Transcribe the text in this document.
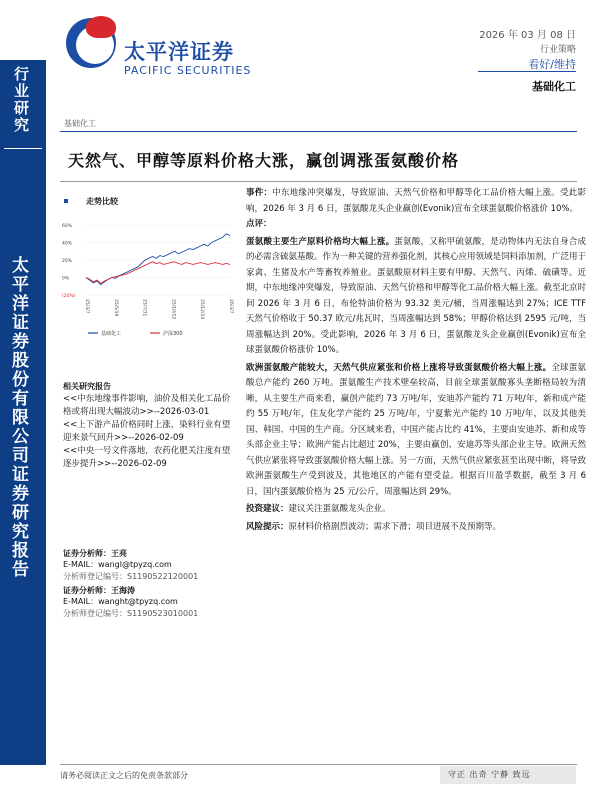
行业研究
太平洋证券股份有限公司证券研究报告
太平洋证券
PACIFIC SECURITIES
2026 年 03 月 08 日
行业策略
看好/维持
基础化工
基础化工
天然气、甲醇等原料价格大涨，赢创调涨蛋氨酸价格
走势比较
60%
40%
20%
0%
(20%)
25/3/7	25/5/19	25/7/31	25/10/12	25/12/24	26/3/7
基础化工	沪深300
相关研究报告
<<中东地缘事件影响，油价及相关化工品价格或将出现大幅波动>>--2026-03-01
<<上下游产品价格同时上涨，染料行业有望迎来景气回升>>--2026-02-09
<<中央一号文件落地，农药化肥关注度有望逐步提升>>--2026-02-09
证券分析师：王亮
E-MAIL：wangl@tpyzq.com
分析师登记编号：S1190522120001
证券分析师：王海涛
E-MAIL：wanght@tpyzq.com
分析师登记编号：S1190523010001

事件：中东地缘冲突爆发，导致原油、天然气价格和甲醇等化工品价格大幅上涨。受此影响，2026 年 3 月 6 日，蛋氨酸龙头企业赢创(Evonik)宣布全球蛋氨酸价格涨价 10%。

点评：

蛋氨酸主要生产原料价格均大幅上涨。蛋氨酸，又称甲硫氨酸，是动物体内无法自身合成的必需含硫氨基酸。作为一种关键的营养强化剂，其核心应用领域是饲料添加剂，广泛用于家禽、生猪及水产等畜牧养殖业。蛋氨酸原材料主要有甲醇、天然气、丙烯、硫磺等。近期，中东地缘冲突爆发，导致原油、天然气价格和甲醇等化工品价格大幅上涨。截至北京时间 2026 年 3 月 6 日，布伦特油价格为 93.32 美元/桶，当周涨幅达到 27%；ICE TTF 天然气价格收于 50.37 欧元/兆瓦时，当周涨幅达到 58%；甲醇价格达到 2595 元/吨，当周涨幅达到 20%。受此影响，2026 年 3 月 6 日，蛋氨酸龙头企业赢创(Evonik)宣布全球蛋氨酸价格涨价 10%。

欧洲蛋氨酸产能较大，天然气供应紧张和价格上涨将导致蛋氨酸价格大幅上涨。全球蛋氨酸总产能约 260 万吨。蛋氨酸生产技术壁垒较高，目前全球蛋氨酸寡头垄断格局较为清晰，从主要生产商来看，赢创产能约 73 万吨/年，安迪苏产能约 71 万吨/年，新和成产能约 55 万吨/年，住友化学产能约 25 万吨/年，宁夏紫光产能约 10 万吨/年，以及其他美国、韩国、中国的生产商。分区域来看，中国产能占比约 41%，主要由安迪苏、新和成等头部企业主导；欧洲产能占比超过 20%，主要由赢创、安迪苏等头部企业主导。欧洲天然气供应紧张将导致蛋氨酸价格大幅上涨。另一方面，天然气供应紧张甚至出现中断，将导致欧洲蛋氨酸生产受到波及，其他地区的产能有望受益。根据百川盈孚数据，截至 3 月 6 日，国内蛋氨酸价格为 25 元/公斤，周涨幅达到 29%。

投资建议：建议关注蛋氨酸龙头企业。

风险提示：原材料价格剧烈波动；需求下滑；项目进展不及预期等。

请务必阅读正文之后的免责条款部分	守正 出奇 宁静 致远
